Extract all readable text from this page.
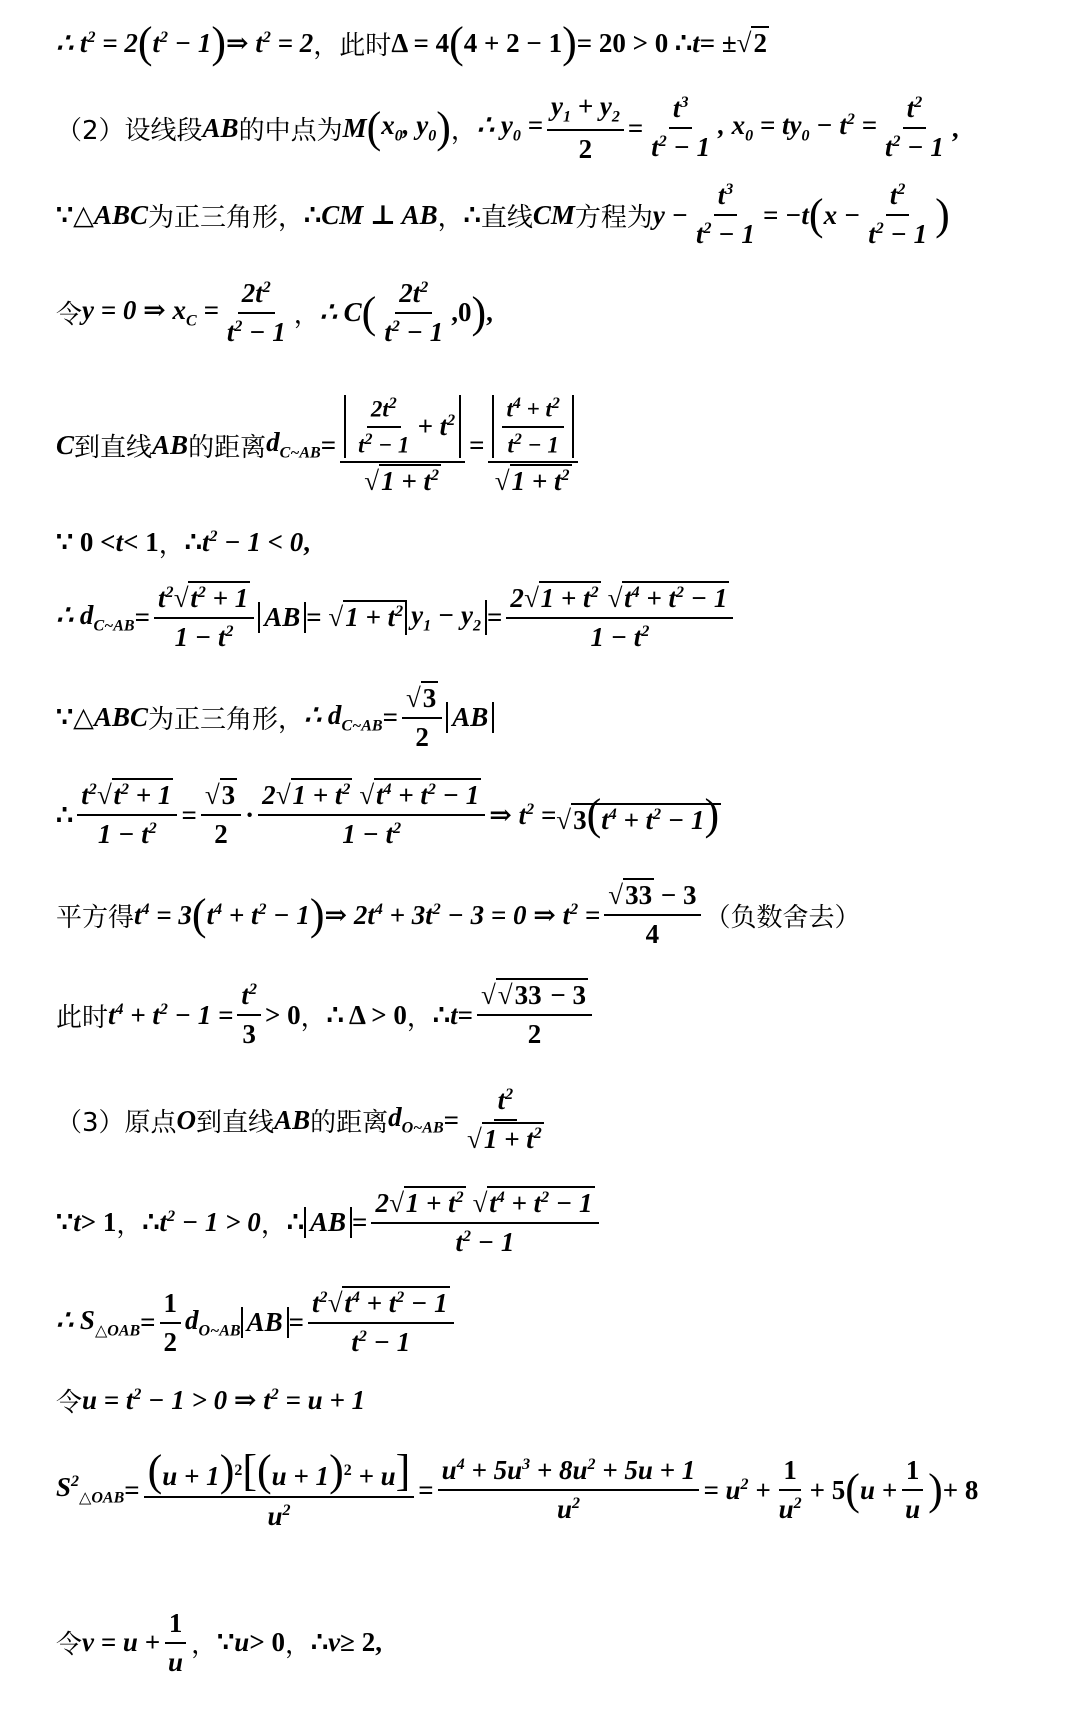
∴ $t^2 = 2$ ( $t^2 - 1$ ) ⇒ $t^2 = 2$ ，此时 Δ = 4 ( 4 + 2 − 1 ) = 20 > 0 ∴ t = ±√2
（2）设线段 AB 的中点为 M ( $x_0$, $y_0$ ) ， ∴ $y_0 = \frac{y_1 + y_2}{2} = \frac{t^3}{t^2 - 1}$ , $x_0 = ty_0 - t^2 = \frac{t^2}{t^2 - 1}$ ,
∵△ ABC 为正三角形， ∴ CM ⊥ AB ， ∴ 直线 CM 方程为 $y - \frac{t^3}{t^2 - 1} = -t$ ( $x - \frac{t^2}{t^2 - 1}$ )
令 y = 0 ⇒ $x_C = \frac{2t^2}{t^2 - 1}$ ， ∴ C ( $\frac{2t^2}{t^2 - 1} ,0$ ) ,
C 到直线 AB 的距离 $d_{C\sim AB} = \frac{\frac{2t^2}{t^2 - 1} + t^2}{√1 + t^2} = \frac{\frac{t^4 + t^2}{t^2 - 1}}{√1 + t^2}$
∵ 0 < t < 1 ， ∴ $t^2 - 1 < 0$ ,
∴ $d_{C\sim AB} = \frac{t^2√t^2 + 1}{1 - t^2}$ AB = $√1 + t^2$ $y_1 - y_2 = \frac{2√1 + t^2 √t^4 + t^2 - 1}{1 - t^2}$
∵△ ABC 为正三角形， ∴ $d_{C\sim AB} = \frac{√3}{2}$ AB
∴ $\frac{t^2√t^2 + 1}{1 - t^2} = \frac{√3}{2} \cdot \frac{2√1 + t^2 √t^4 + t^2 - 1}{1 - t^2}$ ⇒ $t^2 = √3(t^4 + t^2 - 1)$
平方得 $t^4 = 3$ ( $t^4 + t^2 - 1$ ) ⇒ $2t^4 + 3t^2 - 3 = 0$ ⇒ $t^2 = \frac{√33 - 3}{4}$ （负数舍去）
此时 $t^4 + t^2 - 1 = \frac{t^2}{3} > 0$ ， ∴ Δ > 0 ， ∴ $t = \frac{√√33 - 3}{2}$
（3）原点 O 到直线 AB 的距离 $d_{O\sim AB} = \frac{t^2}{√1 + t^2}$
∵ t > 1 ， ∴ $t^2 - 1 > 0$ ， ∴ AB = $\frac{2√1 + t^2 √t^4 + t^2 - 1}{t^2 - 1}$
∴ $S_{\triangle OAB} = \frac{1}{2} d_{O\sim AB}$ AB = $\frac{t^2√t^4 + t^2 - 1}{t^2 - 1}$
令 $u = t^2 - 1 > 0$ ⇒ $t^2 = u + 1$
$S^2_{\triangle OAB} = \frac{(u + 1)^2[(u + 1)^2 + u]}{u^2} = \frac{u^4 + 5u^3 + 8u^2 + 5u + 1}{u^2} = u^2 + \frac{1}{u^2} + 5$ ( $u + \frac{1}{u}$ ) + 8
令 $v = u + \frac{1}{u}$ ， ∵ u > 0 ， ∴ v ≥ 2 ,
